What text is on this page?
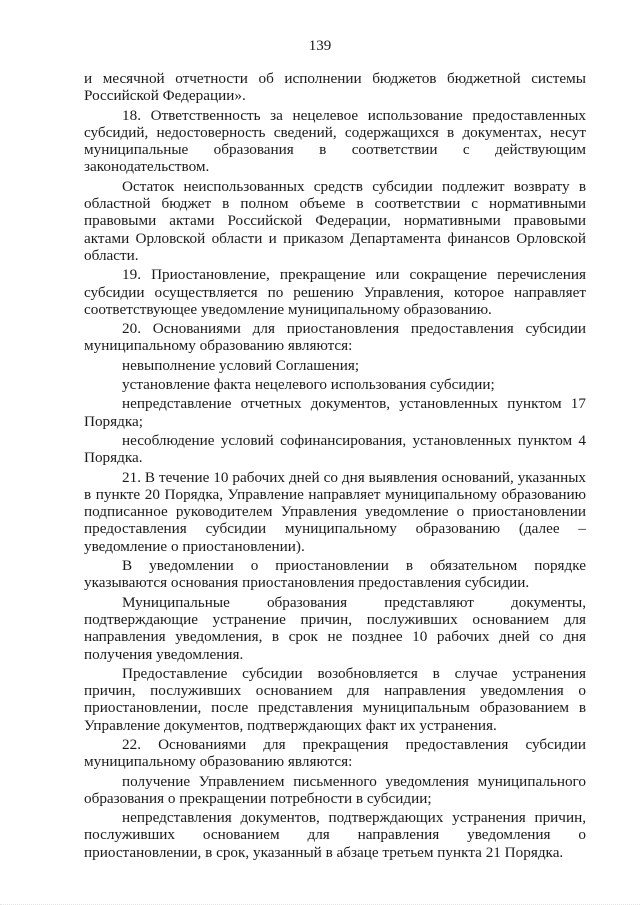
139

и месячной отчетности об исполнении бюджетов бюджетной системы Российской Федерации».

18. Ответственность за нецелевое использование предоставленных субсидий, недостоверность сведений, содержащихся в документах, несут муниципальные образования в соответствии с действующим законодательством.

Остаток неиспользованных средств субсидии подлежит возврату в областной бюджет в полном объеме в соответствии с нормативными правовыми актами Российской Федерации, нормативными правовыми актами Орловской области и приказом Департамента финансов Орловской области.

19. Приостановление, прекращение или сокращение перечисления субсидии осуществляется по решению Управления, которое направляет соответствующее уведомление муниципальному образованию.

20. Основаниями для приостановления предоставления субсидии муниципальному образованию являются:

невыполнение условий Соглашения;

установление факта нецелевого использования субсидии;

непредставление отчетных документов, установленных пунктом 17 Порядка;

несоблюдение условий софинансирования, установленных пунктом 4 Порядка.

21. В течение 10 рабочих дней со дня выявления оснований, указанных в пункте 20 Порядка, Управление направляет муниципальному образованию подписанное руководителем Управления уведомление о приостановлении предоставления субсидии муниципальному образованию (далее – уведомление о приостановлении).

В уведомлении о приостановлении в обязательном порядке указываются основания приостановления предоставления субсидии.

Муниципальные образования представляют документы, подтверждающие устранение причин, послуживших основанием для направления уведомления, в срок не позднее 10 рабочих дней со дня получения уведомления.

Предоставление субсидии возобновляется в случае устранения причин, послуживших основанием для направления уведомления о приостановлении, после представления муниципальным образованием в Управление документов, подтверждающих факт их устранения.

22. Основаниями для прекращения предоставления субсидии муниципальному образованию являются:

получение Управлением письменного уведомления муниципального образования о прекращении потребности в субсидии;

непредставления документов, подтверждающих устранения причин, послуживших основанием для направления уведомления о приостановлении, в срок, указанный в абзаце третьем пункта 21 Порядка.
